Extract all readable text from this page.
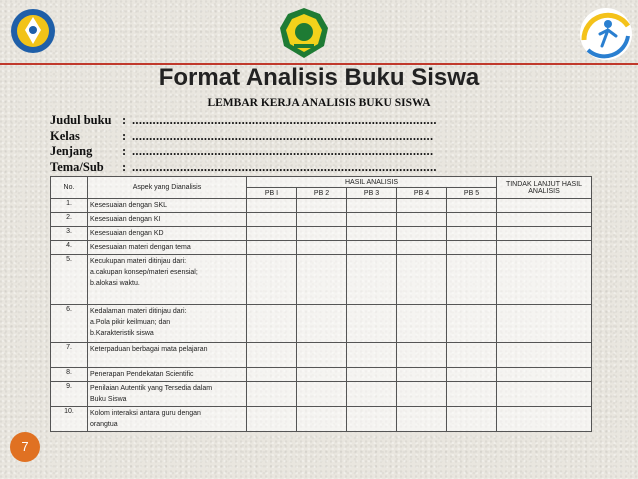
Format Analisis Buku Siswa
LEMBAR KERJA ANALISIS BUKU SISWA
Judul buku : .........................................................................................
Kelas	: ........................................................................................
Jenjang	: ........................................................................................
Tema/Sub	: .........................................................................................
No.	Aspek yang Dianalisis	HASIL ANALISIS					TINDAK LANJUT HASIL ANALISIS
		PB I	PB 2	PB 3	PB 4	PB 5	
1.	Kesesuaian dengan SKL						

2.	Kesesuaian dengan KI						

3.	Kesesuaian dengan KD						

4.	Kesesuaian materi dengan tema						

5.	Kecukupan materi ditinjau dari:
a.cakupan konsep/materi esensial;
b.alokasi waktu.						

6.	Kedalaman materi ditinjau dari:
a.Pola pikir keilmuan; dan
b.Karakteristik siswa						

7.	Keterpaduan berbagai mata pelajaran						

8.	Penerapan Pendekatan Scientific						

9.	Penilaian Autentik yang Tersedia dalam
Buku Siswa						

10.	Kolom interaksi antara guru dengan
orangtua						

7
